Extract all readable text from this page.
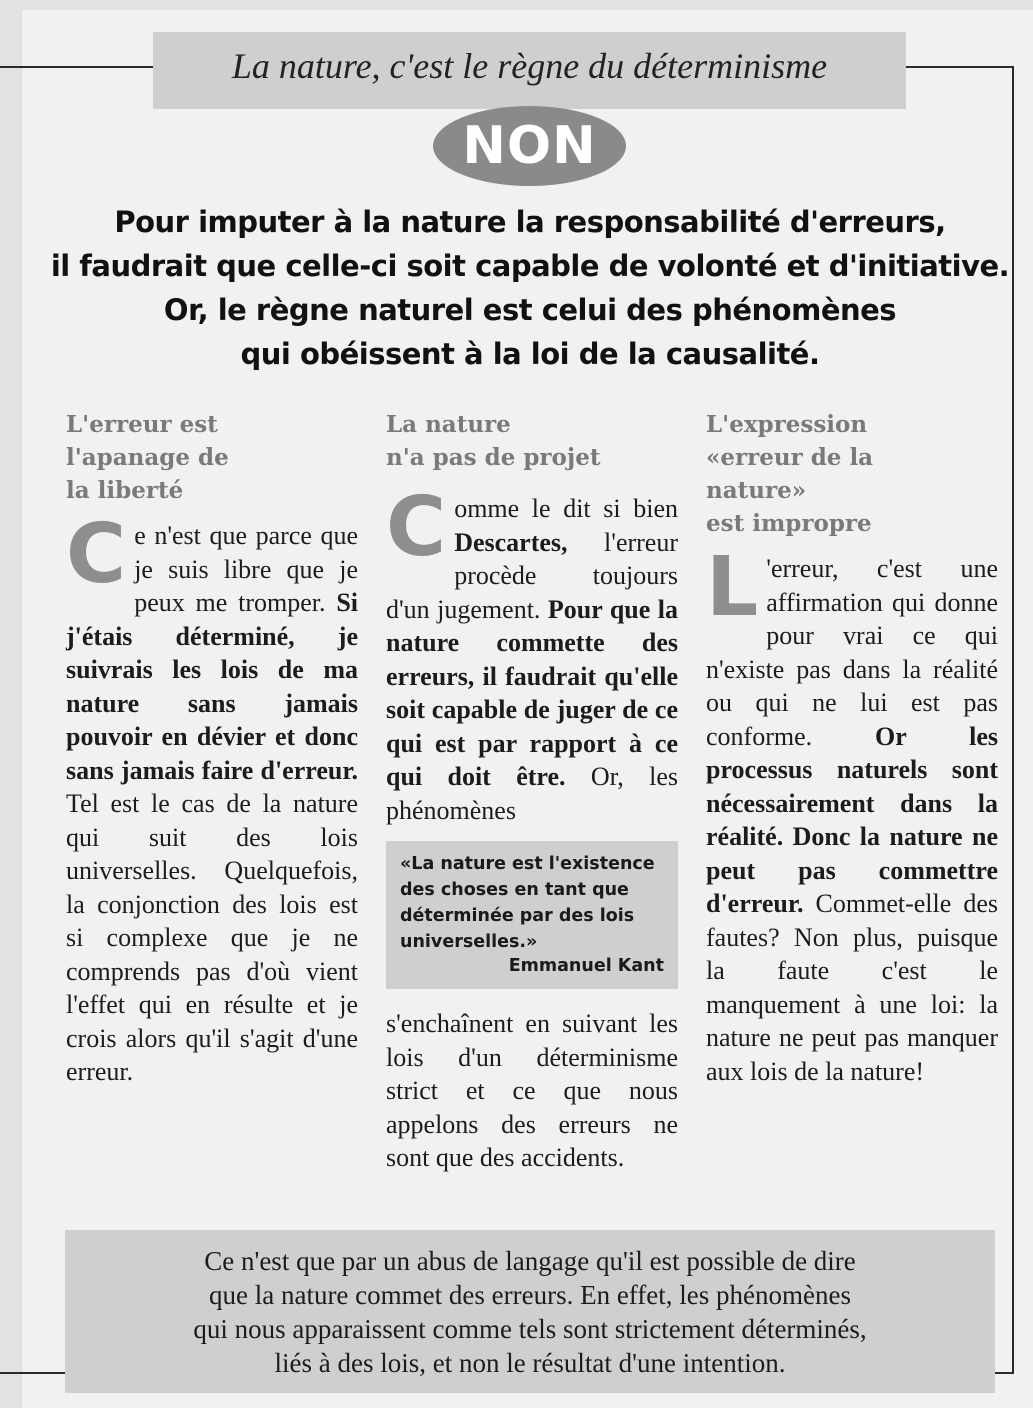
La nature, c'est le règne du déterminisme
NON
Pour imputer à la nature la responsabilité d'erreurs,
il faudrait que celle-ci soit capable de volonté et d'initiative.
Or, le règne naturel est celui des phénomènes
qui obéissent à la loi de la causalité.
L'erreur est
l'apanage de
la liberté
Ce n'est que parce que je suis libre que je peux me tromper. Si j'étais déterminé, je suivrais les lois de ma nature sans jamais pouvoir en dévier et donc sans jamais faire d'erreur. Tel est le cas de la nature qui suit des lois universelles. Quelquefois, la conjonction des lois est si complexe que je ne comprends pas d'où vient l'effet qui en résulte et je crois alors qu'il s'agit d'une erreur.
La nature
n'a pas de projet
Comme le dit si bien Descartes, l'erreur procède toujours d'un jugement. Pour que la nature commette des erreurs, il faudrait qu'elle soit capable de juger de ce qui est par rapport à ce qui doit être. Or, les phénomènes
«La nature est l'existence des choses en tant que déterminée par des lois universelles.»
Emmanuel Kant
s'enchaînent en suivant les lois d'un déterminisme strict et ce que nous appelons des erreurs ne sont que des accidents.
L'expression
«erreur de la
nature»
est impropre
L 'erreur, c'est une affirmation qui donne pour vrai ce qui n'existe pas dans la réalité ou qui ne lui est pas conforme. Or les processus naturels sont nécessairement dans la réalité. Donc la nature ne peut pas commettre d'erreur. Commet-elle des fautes? Non plus, puisque la faute c'est le manquement à une loi: la nature ne peut pas manquer aux lois de la nature!
Ce n'est que par un abus de langage qu'il est possible de dire
que la nature commet des erreurs. En effet, les phénomènes
qui nous apparaissent comme tels sont strictement déterminés,
liés à des lois, et non le résultat d'une intention.
